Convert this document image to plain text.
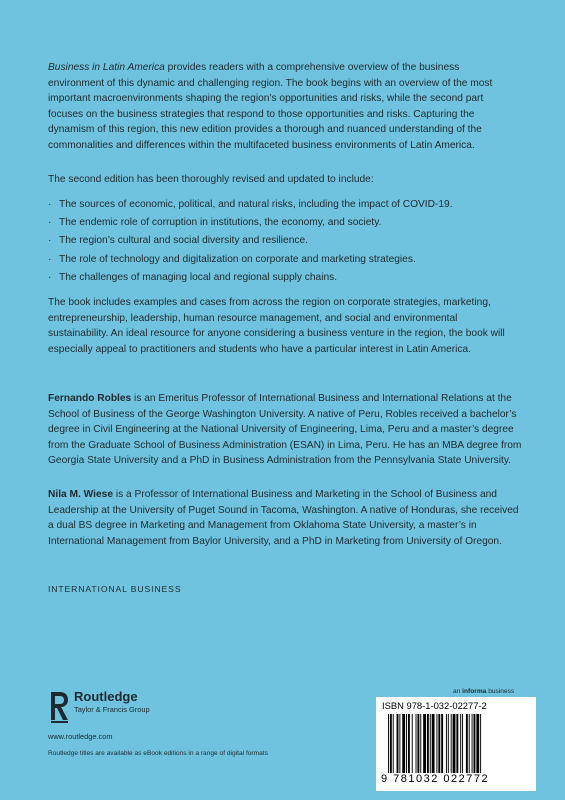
Business in Latin America provides readers with a comprehensive overview of the business environment of this dynamic and challenging region. The book begins with an overview of the most important macroenvironments shaping the region’s opportunities and risks, while the second part focuses on the business strategies that respond to those opportunities and risks. Capturing the dynamism of this region, this new edition provides a thorough and nuanced understanding of the commonalities and differences within the multifaceted business environments of Latin America.

The second edition has been thoroughly revised and updated to include:

· The sources of economic, political, and natural risks, including the impact of COVID-19.
· The endemic role of corruption in institutions, the economy, and society.
· The region’s cultural and social diversity and resilience.
· The role of technology and digitalization on corporate and marketing strategies.
· The challenges of managing local and regional supply chains.

The book includes examples and cases from across the region on corporate strategies, marketing, entrepreneurship, leadership, human resource management, and social and environmental sustainability. An ideal resource for anyone considering a business venture in the region, the book will especially appeal to practitioners and students who have a particular interest in Latin America.

Fernando Robles is an Emeritus Professor of International Business and International Relations at the School of Business of the George Washington University. A native of Peru, Robles received a bachelor’s degree in Civil Engineering at the National University of Engineering, Lima, Peru and a master’s degree from the Graduate School of Business Administration (ESAN) in Lima, Peru. He has an MBA degree from Georgia State University and a PhD in Business Administration from the Pennsylvania State University.

Nila M. Wiese is a Professor of International Business and Marketing in the School of Business and Leadership at the University of Puget Sound in Tacoma, Washington. A native of Honduras, she received a dual BS degree in Marketing and Management from Oklahoma State University, a master’s in International Management from Baylor University, and a PhD in Marketing from University of Oregon.

INTERNATIONAL BUSINESS

Routledge
Taylor & Francis Group
www.routledge.com
Routledge titles are available as eBook editions in a range of digital formats
an informa business
ISBN 978-1-032-02277-2
9 781032 022772
